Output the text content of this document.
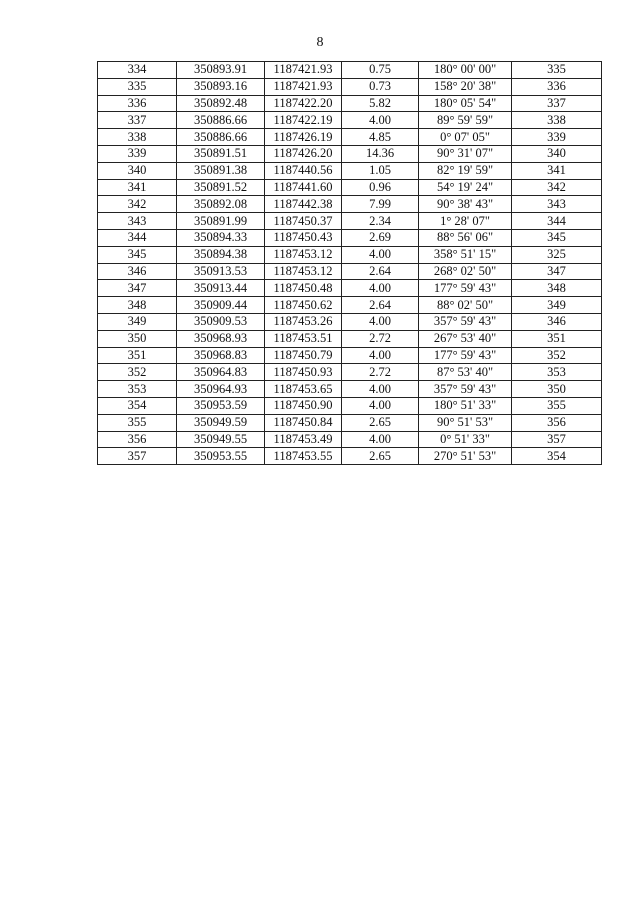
8
334	350893.91	1187421.93	0.75	180° 00' 00"	335
335	350893.16	1187421.93	0.73	158° 20' 38"	336
336	350892.48	1187422.20	5.82	180° 05' 54"	337
337	350886.66	1187422.19	4.00	89° 59' 59"	338
338	350886.66	1187426.19	4.85	0° 07' 05"	339
339	350891.51	1187426.20	14.36	90° 31' 07"	340
340	350891.38	1187440.56	1.05	82° 19' 59"	341
341	350891.52	1187441.60	0.96	54° 19' 24"	342
342	350892.08	1187442.38	7.99	90° 38' 43"	343
343	350891.99	1187450.37	2.34	1° 28' 07"	344
344	350894.33	1187450.43	2.69	88° 56' 06"	345
345	350894.38	1187453.12	4.00	358° 51' 15"	325
346	350913.53	1187453.12	2.64	268° 02' 50"	347
347	350913.44	1187450.48	4.00	177° 59' 43"	348
348	350909.44	1187450.62	2.64	88° 02' 50"	349
349	350909.53	1187453.26	4.00	357° 59' 43"	346
350	350968.93	1187453.51	2.72	267° 53' 40"	351
351	350968.83	1187450.79	4.00	177° 59' 43"	352
352	350964.83	1187450.93	2.72	87° 53' 40"	353
353	350964.93	1187453.65	4.00	357° 59' 43"	350
354	350953.59	1187450.90	4.00	180° 51' 33"	355
355	350949.59	1187450.84	2.65	90° 51' 53"	356
356	350949.55	1187453.49	4.00	0° 51' 33"	357
357	350953.55	1187453.55	2.65	270° 51' 53"	354
